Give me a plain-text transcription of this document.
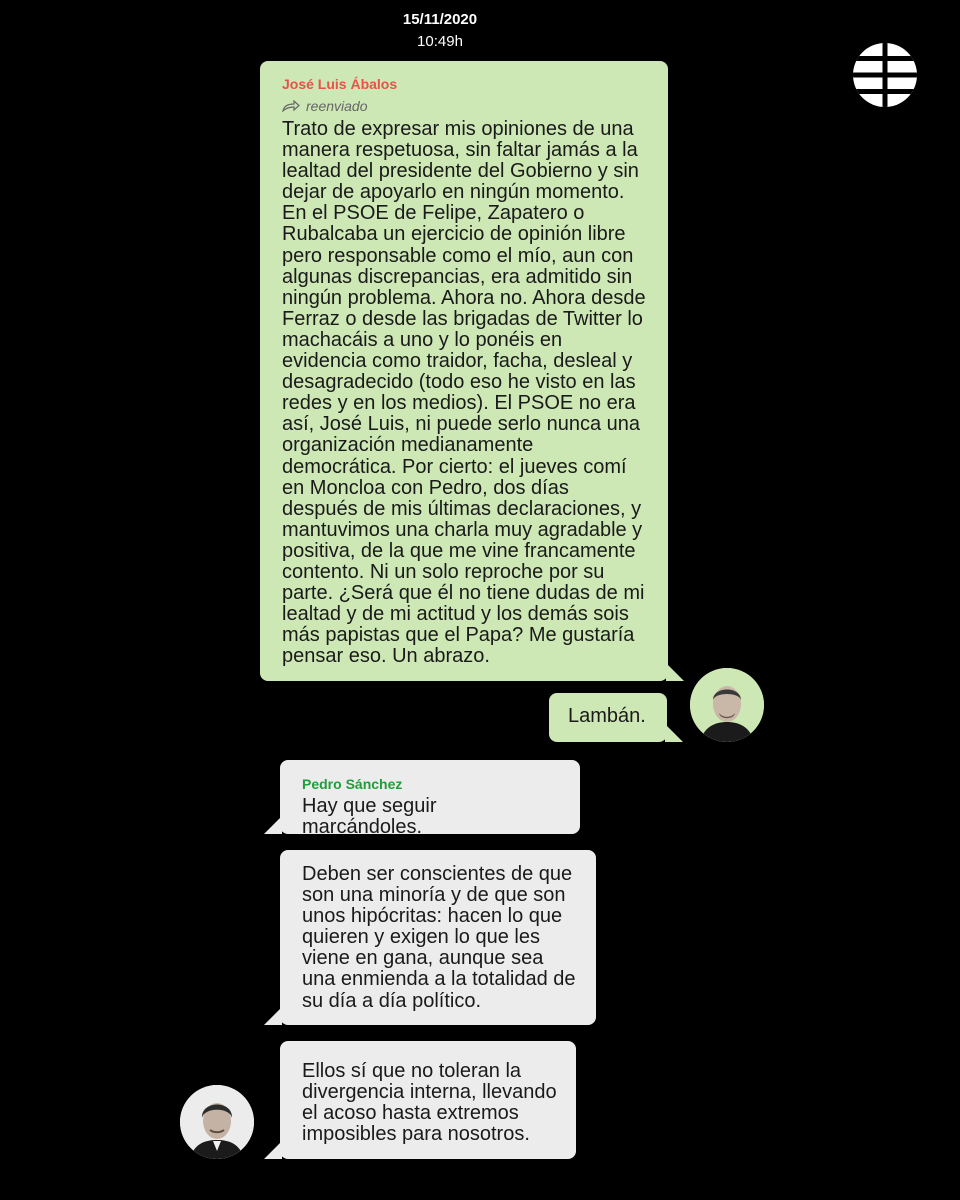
15/11/2020
10:49h
José Luis Ábalos
reenviado
Trato de expresar mis opiniones de una
manera respetuosa, sin faltar jamás a la
lealtad del presidente del Gobierno y sin
dejar de apoyarlo en ningún momento.
En el PSOE de Felipe, Zapatero o
Rubalcaba un ejercicio de opinión libre
pero responsable como el mío, aun con
algunas discrepancias, era admitido sin
ningún problema. Ahora no. Ahora desde
Ferraz o desde las brigadas de Twitter lo
machacáis a uno y lo ponéis en
evidencia como traidor, facha, desleal y
desagradecido (todo eso he visto en las
redes y en los medios). El PSOE no era
así, José Luis, ni puede serlo nunca una
organización medianamente
democrática. Por cierto: el jueves comí
en Moncloa con Pedro, dos días
después de mis últimas declaraciones, y
mantuvimos una charla muy agradable y
positiva, de la que me vine francamente
contento. Ni un solo reproche por su
parte. ¿Será que él no tiene dudas de mi
lealtad y de mi actitud y los demás sois
más papistas que el Papa? Me gustaría
pensar eso. Un abrazo.
Lambán.
Pedro Sánchez
Hay que seguir marcándoles.
Deben ser conscientes de que
son una minoría y de que son
unos hipócritas: hacen lo que
quieren y exigen lo que les
viene en gana, aunque sea
una enmienda a la totalidad de
su día a día político.
Ellos sí que no toleran la
divergencia interna, llevando
el acoso hasta extremos
imposibles para nosotros.
